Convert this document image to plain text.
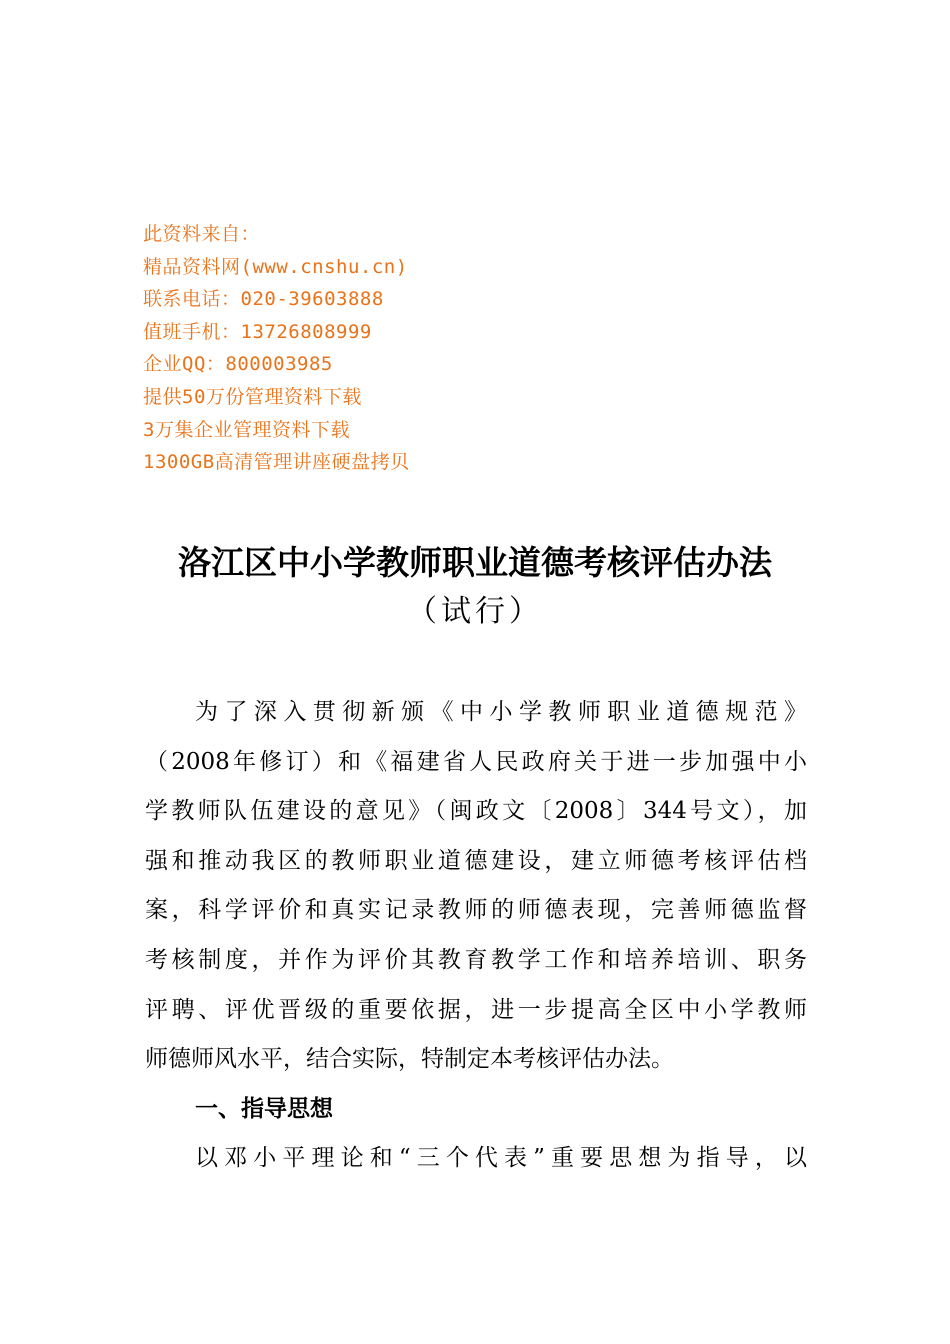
此资料来自：
精品资料网(www.cnshu.cn)
联系电话：020-39603888
值班手机：13726808999
企业QQ：800003985
提供50万份管理资料下载
3万集企业管理资料下载
1300GB高清管理讲座硬盘拷贝
洛江区中小学教师职业道德考核评估办法
（试行）
为了深入贯彻新颁《中小学教师职业道德规范》
（2008年修订）和《福建省人民政府关于进一步加强中小
学教师队伍建设的意见》（闽政文〔2008〕344号文），加
强和推动我区的教师职业道德建设，建立师德考核评估档
案，科学评价和真实记录教师的师德表现，完善师德监督
考核制度，并作为评价其教育教学工作和培养培训、职务
评聘、评优晋级的重要依据，进一步提高全区中小学教师
师德师风水平，结合实际，特制定本考核评估办法。
一、指导思想
以邓小平理论和“三个代表”重要思想为指导，以
